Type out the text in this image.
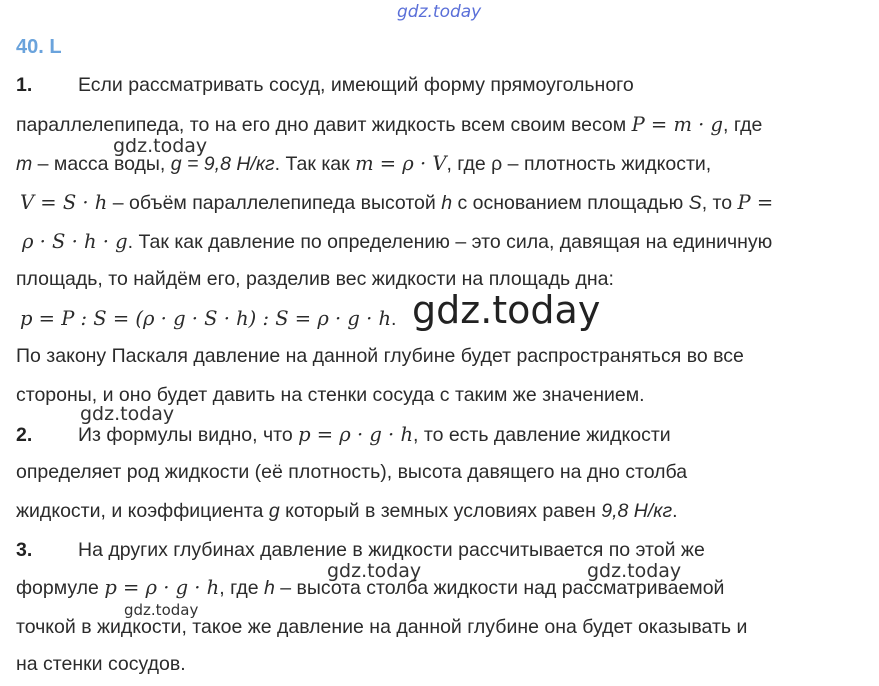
gdz.today
gdz.today
gdz.today
gdz.today
gdz.today	gdz.today
gdz.today
40. L
1. Если рассматривать сосуд, имеющий форму прямоугольного
параллелепипеда, то на его дно давит жидкость всем своим весом P = m · g, где
m – масса воды, g = 9,8 Н/кг. Так как m = ρ · V, где ρ – плотность жидкости,
V = S · h – объём параллелепипеда высотой h с основанием площадью S, то P =
ρ · S · h · g. Так как давление по определению – это сила, давящая на единичную
площадь, то найдём его, разделив вес жидкости на площадь дна:
p = P : S = (ρ · g · S · h) : S = ρ · g · h.
По закону Паскаля давление на данной глубине будет распространяться во все
стороны, и оно будет давить на стенки сосуда с таким же значением.
2. Из формулы видно, что p = ρ · g · h, то есть давление жидкости
определяет род жидкости (её плотность), высота давящего на дно столба
жидкости, и коэффициента g который в земных условиях равен 9,8 Н/кг.
3. На других глубинах давление в жидкости рассчитывается по этой же
формуле p = ρ · g · h, где h – высота столба жидкости над рассматриваемой
точкой в жидкости, такое же давление на данной глубине она будет оказывать и
на стенки сосудов.
